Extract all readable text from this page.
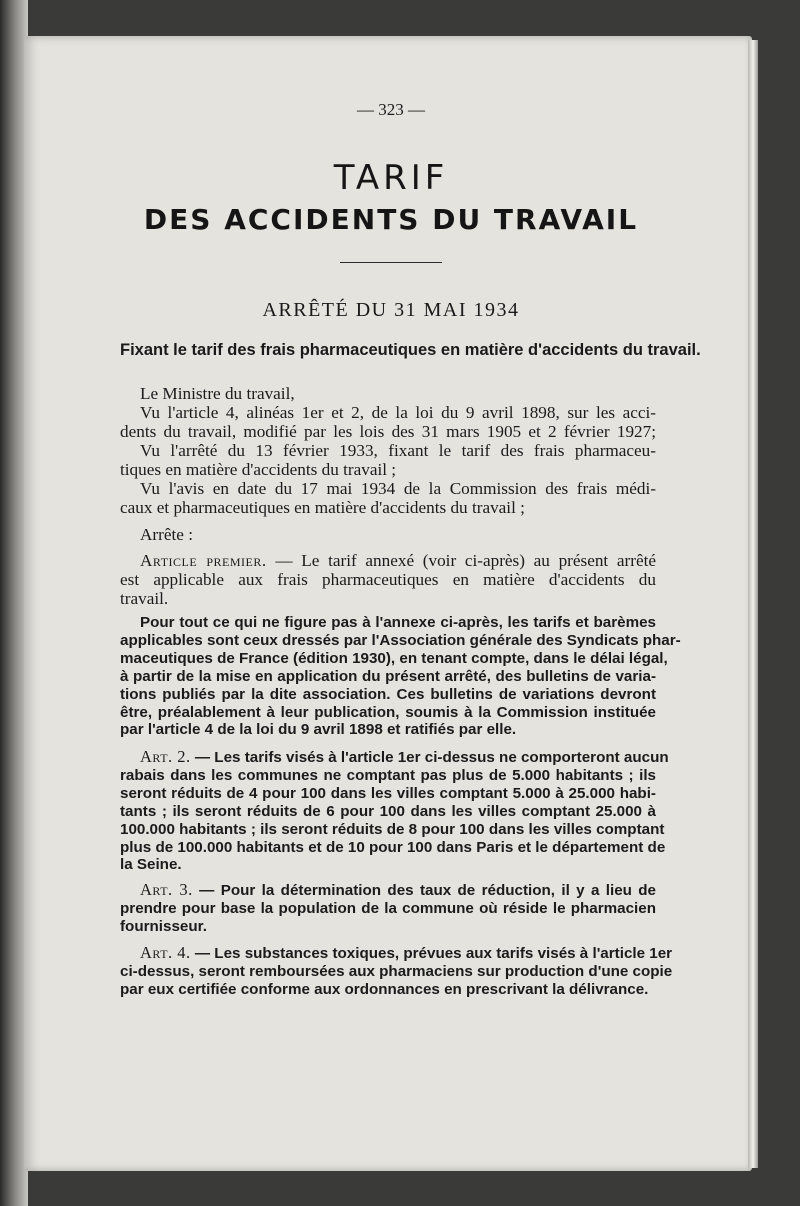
— 323 —
TARIF
DES ACCIDENTS DU TRAVAIL
ARRÊTÉ DU 31 MAI 1934
Fixant le tarif des frais pharmaceutiques en matière d'accidents du travail.
Le Ministre du travail,
Vu l'article 4, alinéas 1er et 2, de la loi du 9 avril 1898, sur les acci-
dents du travail, modifié par les lois des 31 mars 1905 et 2 février 1927;
Vu l'arrêté du 13 février 1933, fixant le tarif des frais pharmaceu-
tiques en matière d'accidents du travail ;
Vu l'avis en date du 17 mai 1934 de la Commission des frais médi-
caux et pharmaceutiques en matière d'accidents du travail ;
Arrête :
Article premier. — Le tarif annexé (voir ci-après) au présent arrêté
est applicable aux frais pharmaceutiques en matière d'accidents du
travail.
Pour tout ce qui ne figure pas à l'annexe ci-après, les tarifs et barèmes
applicables sont ceux dressés par l'Association générale des Syndicats phar-
maceutiques de France (édition 1930), en tenant compte, dans le délai légal,
à partir de la mise en application du présent arrêté, des bulletins de varia-
tions publiés par la dite association. Ces bulletins de variations devront
être, préalablement à leur publication, soumis à la Commission instituée
par l'article 4 de la loi du 9 avril 1898 et ratifiés par elle.
Art. 2. — Les tarifs visés à l'article 1er ci-dessus ne comporteront aucun
rabais dans les communes ne comptant pas plus de 5.000 habitants ; ils
seront réduits de 4 pour 100 dans les villes comptant 5.000 à 25.000 habi-
tants ; ils seront réduits de 6 pour 100 dans les villes comptant 25.000 à
100.000 habitants ; ils seront réduits de 8 pour 100 dans les villes comptant
plus de 100.000 habitants et de 10 pour 100 dans Paris et le département de
la Seine.
Art. 3. — Pour la détermination des taux de réduction, il y a lieu de
prendre pour base la population de la commune où réside le pharmacien
fournisseur.
Art. 4. — Les substances toxiques, prévues aux tarifs visés à l'article 1er
ci-dessus, seront remboursées aux pharmaciens sur production d'une copie
par eux certifiée conforme aux ordonnances en prescrivant la délivrance.
